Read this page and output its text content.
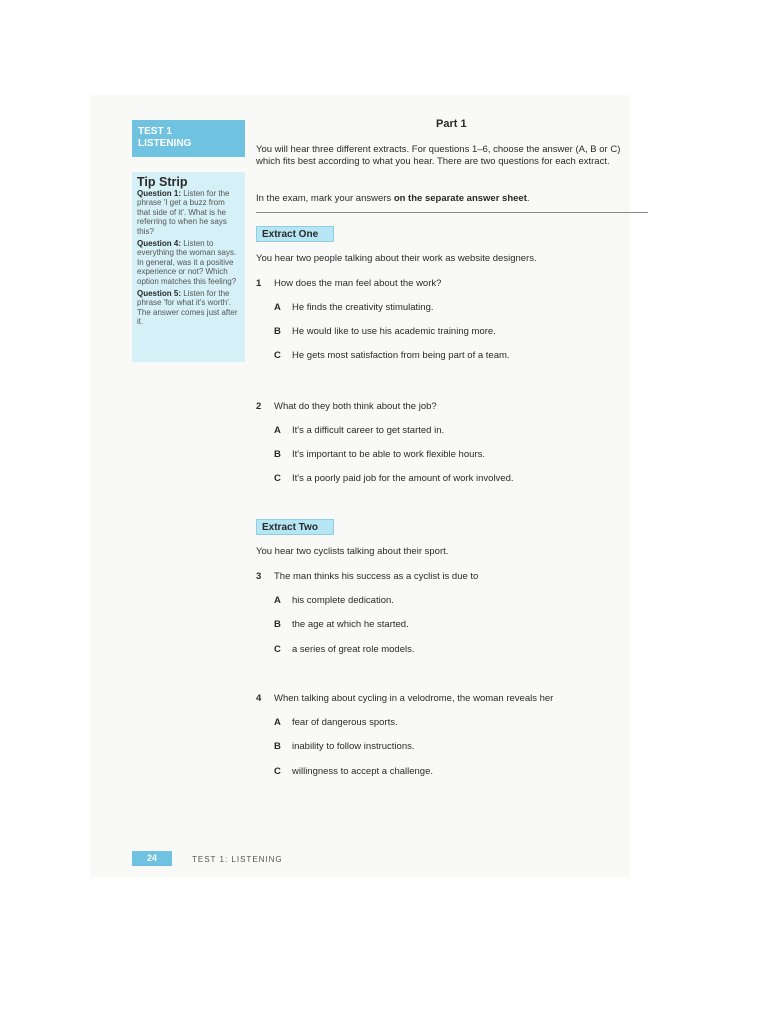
TEST 1
LISTENING
Tip Strip

Question 1: Listen for the phrase 'I get a buzz from that side of it'. What is he referring to when he says this?

Question 4: Listen to everything the woman says. In general, was it a positive experience or not? Which option matches this feeling?

Question 5: Listen for the phrase 'for what it's worth'. The answer comes just after it.

Part 1
You will hear three different extracts. For questions 1–6, choose the answer (A, B or C) which fits best according to what you hear. There are two questions for each extract.
In the exam, mark your answers on the separate answer sheet.
Extract One
You hear two people talking about their work as website designers.
1 How does the man feel about the work?
A He finds the creativity stimulating.
B He would like to use his academic training more.
C He gets most satisfaction from being part of a team.
2 What do they both think about the job?
A It's a difficult career to get started in.
B It's important to be able to work flexible hours.
C It's a poorly paid job for the amount of work involved.
Extract Two
You hear two cyclists talking about their sport.
3 The man thinks his success as a cyclist is due to
A his complete dedication.
B the age at which he started.
C a series of great role models.
4 When talking about cycling in a velodrome, the woman reveals her
A fear of dangerous sports.
B inability to follow instructions.
C willingness to accept a challenge.
24	TEST 1: LISTENING
